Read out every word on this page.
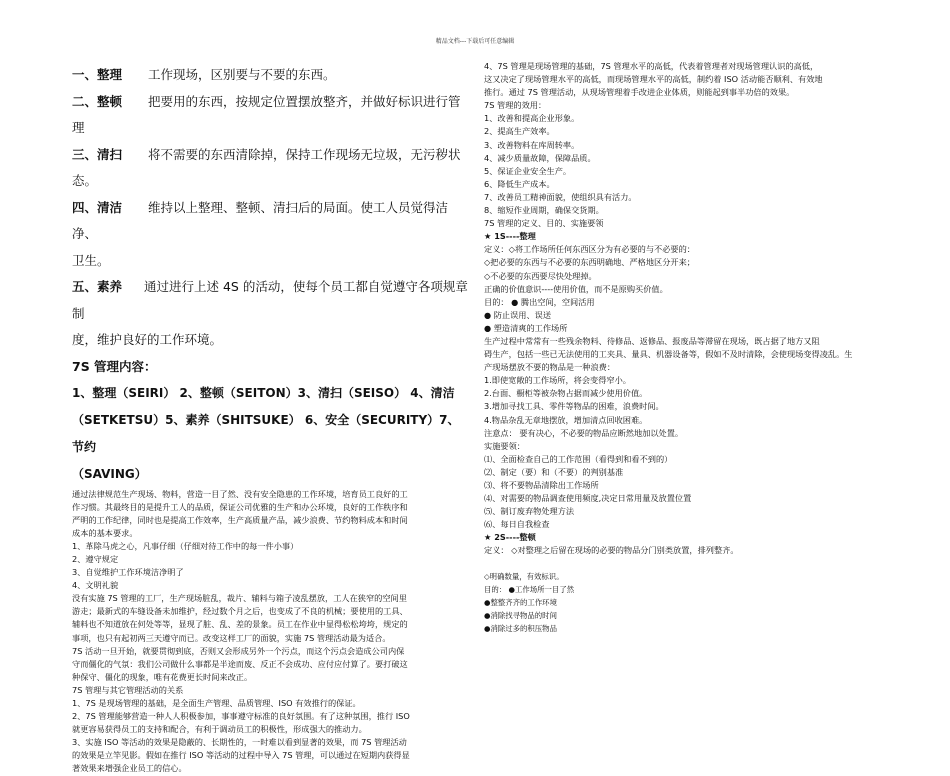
精品文档---下载后可任意编辑

一、整理 工作现场，区别要与不要的东西。

二、整顿 把要用的东西，按规定位置摆放整齐，并做好标识进行管理

三、清扫 将不需要的东西清除掉，保持工作现场无垃圾，无污秽状态。

四、清洁 维持以上整理、整顿、清扫后的局面。使工人员觉得洁净、

卫生。

五、素养 通过进行上述 4S 的活动，使每个员工都自觉遵守各项规章制

度，维护良好的工作环境。

7S 管理内容：

1、整理（SEIRI） 2、整顿（SEITON）3、清扫（SEISO） 4、清洁

（SETKETSU）5、素养（SHITSUKE） 6、安全（SECURITY）7、节约

（SAVING）

通过法律规范生产现场、物料，营造一目了然、没有安全隐患的工作环境，培育员工良好的工

作习惯。其最终目的是提升工人的品质，保证公司优雅的生产和办公环境，良好的工作秩序和

严明的工作纪律，同时也是提高工作效率，生产高质量产品，减少浪费、节约物料成本和时间

成本的基本要求。

1、革除马虎之心，凡事仔细（仔细对待工作中的每一件小事）

2、遵守规定

3、自觉维护工作环境洁净明了

4、文明礼貌

没有实施 7S 管理的工厂，生产现场脏乱，裁片、辅料与箱子凌乱摆放，工人在狭窄的空间里

游走；最新式的车缝设备未加维护，经过数个月之后，也变成了不良的机械；要使用的工具、

辅料也不知道放在何处等等，显现了脏、乱、差的景象。员工在作业中显得松松垮垮，规定的

事项，也只有起初两三天遵守而已。改变这样工厂的面貌，实施 7S 管理活动最为适合。

7S 活动一旦开始，就要贯彻到底，否则又会形成另外一个污点，而这个污点会造成公司内保

守而僵化的气氛：我们公司做什么事都是半途而废、反正不会成功、应付应付算了。要打破这

种保守、僵化的现象，唯有花费更长时间来改正。

7S 管理与其它管理活动的关系

1、7S 是现场管理的基础，是全面生产管理、品质管理、ISO 有效推行的保证。

2、7S 管理能够营造一种人人积极参加，事事遵守标准的良好氛围。有了这种氛围，推行 ISO

就更容易获得员工的支持和配合，有利于调动员工的积极性，形成强大的推动力。

3、实施 ISO 等活动的效果是隐蔽的、长期性的，一时难以看到显著的效果，而 7S 管理活动

的效果是立竿见影。假如在推行 ISO 等活动的过程中导入 7S 管理，可以通过在短期内获得显

著效果来增强企业员工的信心。

4、7S 管理是现场管理的基础，7S 管理水平的高低，代表着管理者对现场管理认识的高低，

这又决定了现场管理水平的高低，而现场管理水平的高低，制约着 ISO 活动能否顺利、有效地

推行。通过 7S 管理活动，从现场管理着手改进企业体质，则能起到事半功倍的效果。

7S 管理的效用：

1、改善和提高企业形象。

2、提高生产效率。

3、改善物料在库周转率。

4、减少质量故障，保障品质。

5、保证企业安全生产。

6、降低生产成本。

7、改善员工精神面貌，使组织具有活力。

8、缩短作业周期，确保交货期。

7S 管理的定义、目的、实施要领

★ 1S----整理

定义：◇将工作场所任何东西区分为有必要的与不必要的：

◇把必要的东西与不必要的东西明确地、严格地区分开来；

◇不必要的东西要尽快处理掉。

正确的价值意识----使用价值，而不是原购买价值。

目的： ● 腾出空间，空间活用

● 防止误用、误送

● 塑造清爽的工作场所

生产过程中常常有一些残余物料、待修品、返修品、报废品等滞留在现场，既占据了地方又阻

碍生产，包括一些已无法使用的工夹具、量具、机器设备等，假如不及时清除，会使现场变得凌乱。生

产现场摆放不要的物品是一种浪费：

1.即使宽敞的工作场所，将会变得窄小。

2.台面、橱柜等被杂物占据而减少使用价值。

3.增加寻找工具、零件等物品的困难，浪费时间。

4.物品杂乱无章地摆放，增加清点回收困难。

注意点： 要有决心，不必要的物品应断然地加以处置。

实施要领：

⑴、全面检查自己的工作范围（看得到和看不到的）

⑵、制定（要）和（不要）的判别基准

⑶、将不要物品清除出工作场所

⑷、对需要的物品调查使用频度,决定日常用量及放置位置

⑸、制订废弃物处理方法

⑹、每日自我检查

★ 2S----整顿

定义： ◇对整理之后留在现场的必要的物品分门别类放置，排列整齐。

◇明确数量，有效标识。

目的： ●工作场所一目了然

●整整齐齐的工作环境

●消除找寻物品的时间

●消除过多的积压物品
